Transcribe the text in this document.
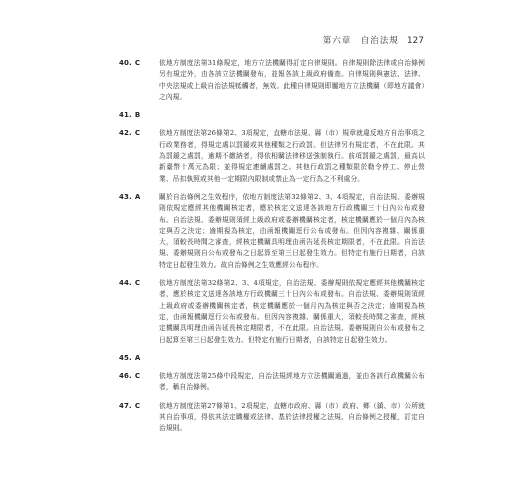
第六章　自治法規 127
40. C	依地方制度法第31條規定，地方立法機關得訂定自律規則。自律規則除法律或自治條例另有規定外，由各該立法機關發布，並報各該上級政府備查。自律規則與憲法、法律、中央法規或上級自治法規牴觸者，無效。此種自律規則即屬地方立法機關（即地方議會）之內規。
41. B

42. C	依地方制度法第26條第2、3項規定，直轄市法規、縣（市）規章就違反地方自治事項之行政業務者，得規定處以罰鍰或其他種類之行政罰。但法律另有規定者，不在此限。其為罰鍰之處罰，逾期不繳納者，得依相關法律移送強制執行。前項罰鍰之處罰，最高以新臺幣十萬元為限；並得規定連續處罰之。其他行政罰之種類限於勒令停工、停止營業、吊扣執照或其他一定期限內限制或禁止為一定行為之不利處分。
43. A	關於自治條例之生效程序，依地方制度法第32條第2、3、4項規定，自治法規、委辦規則依規定應經其他機關核定者，應於核定文送達各該地方行政機關三十日內公布或發布。自治法規、委辦規則須經上級政府或委辦機關核定者，核定機關應於一個月內為核定與否之決定；逾期視為核定，由函報機關逕行公布或發布。但因內容複雜、關係重大，須較長時間之審查，經核定機關具明理由函告延長核定期限者，不在此限。自治法規、委辦規則自公布或發布之日起算至第三日起發生效力。但特定有施行日期者，自該特定日起發生效力。故自治條例之生效應經公布程序。
44. C	依地方制度法第32條第2、3、4項規定，自治法規、委辦規則依規定應經其他機關核定者，應於核定文送達各該地方行政機關三十日內公布或發布。自治法規、委辦規則須經上級政府或委辦機關核定者，核定機關應於一個月內為核定與否之決定；逾期視為核定，由函報機關逕行公布或發布。但因內容複雜、關係重大，須較長時間之審查，經核定機關具明理由函告延長核定期限者，不在此限。自治法規、委辦規則自公布或發布之日起算至第三日起發生效力。但特定有施行日期者，自該特定日起發生效力。
45. A

46. C	依地方制度法第25條中段規定，自治法規經地方立法機關通過，並由各該行政機關公布者，稱自治條例。
47. C	依地方制度法第27條第1、2項規定，直轄市政府、縣（市）政府、鄉（鎮、市）公所就其自治事項，得依其法定職權或法律、基於法律授權之法規、自治條例之授權，訂定自治規則。
